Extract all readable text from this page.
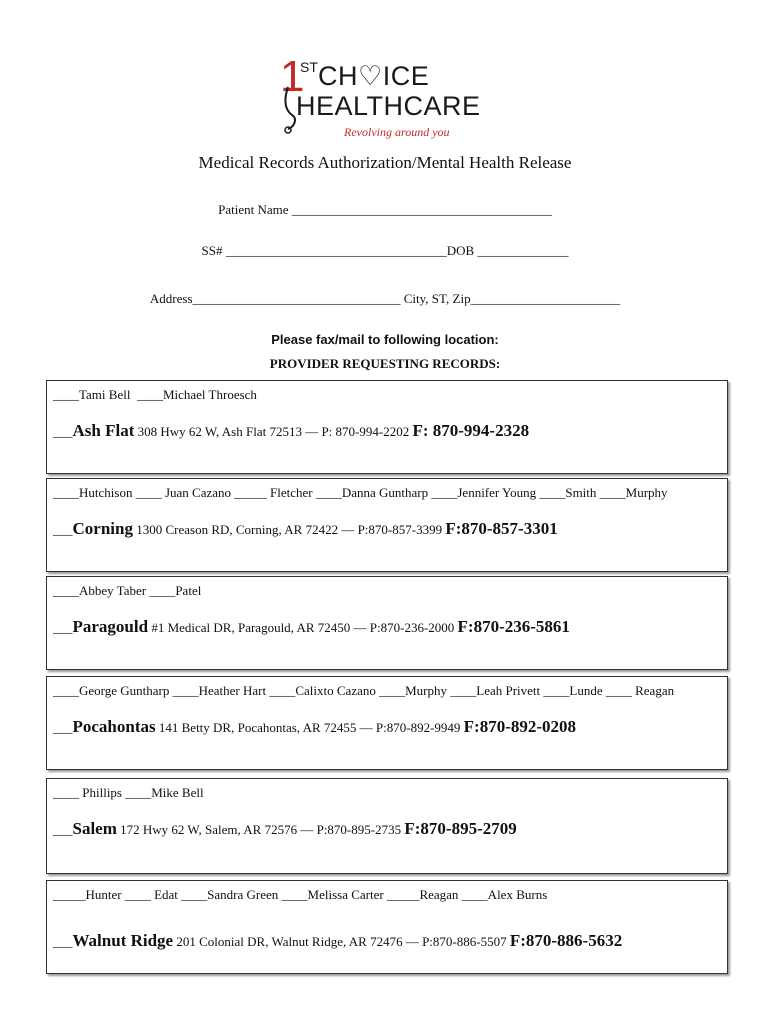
1
ST CH♡ICE
HEALTHCARE
Revolving around you
Medical Records Authorization/Mental Health Release
Patient Name ________________________________________
SS# __________________________________DOB ______________
Address________________________________ City, ST, Zip_______________________
Please fax/mail to following location:
PROVIDER REQUESTING RECORDS:
____Tami Bell  ____Michael Throesch
___Ash Flat 308 Hwy 62 W, Ash Flat 72513 — P: 870-994-2202 F: 870-994-2328
____Hutchison ____ Juan Cazano _____ Fletcher ____Danna Guntharp ____Jennifer Young ____Smith ____Murphy
___Corning 1300 Creason RD, Corning, AR 72422 — P:870-857-3399 F:870-857-3301
____Abbey Taber ____Patel
___Paragould #1 Medical DR, Paragould, AR 72450 — P:870-236-2000 F:870-236-5861
____George Guntharp ____Heather Hart ____Calixto Cazano ____Murphy ____Leah Privett ____Lunde ____ Reagan
___Pocahontas 141 Betty DR, Pocahontas, AR 72455 — P:870-892-9949 F:870-892-0208
____ Phillips ____Mike Bell
___Salem 172 Hwy 62 W, Salem, AR 72576 — P:870-895-2735 F:870-895-2709
_____Hunter ____ Edat ____Sandra Green ____Melissa Carter _____Reagan ____Alex Burns
___Walnut Ridge 201 Colonial DR, Walnut Ridge, AR 72476 — P:870-886-5507 F:870-886-5632
